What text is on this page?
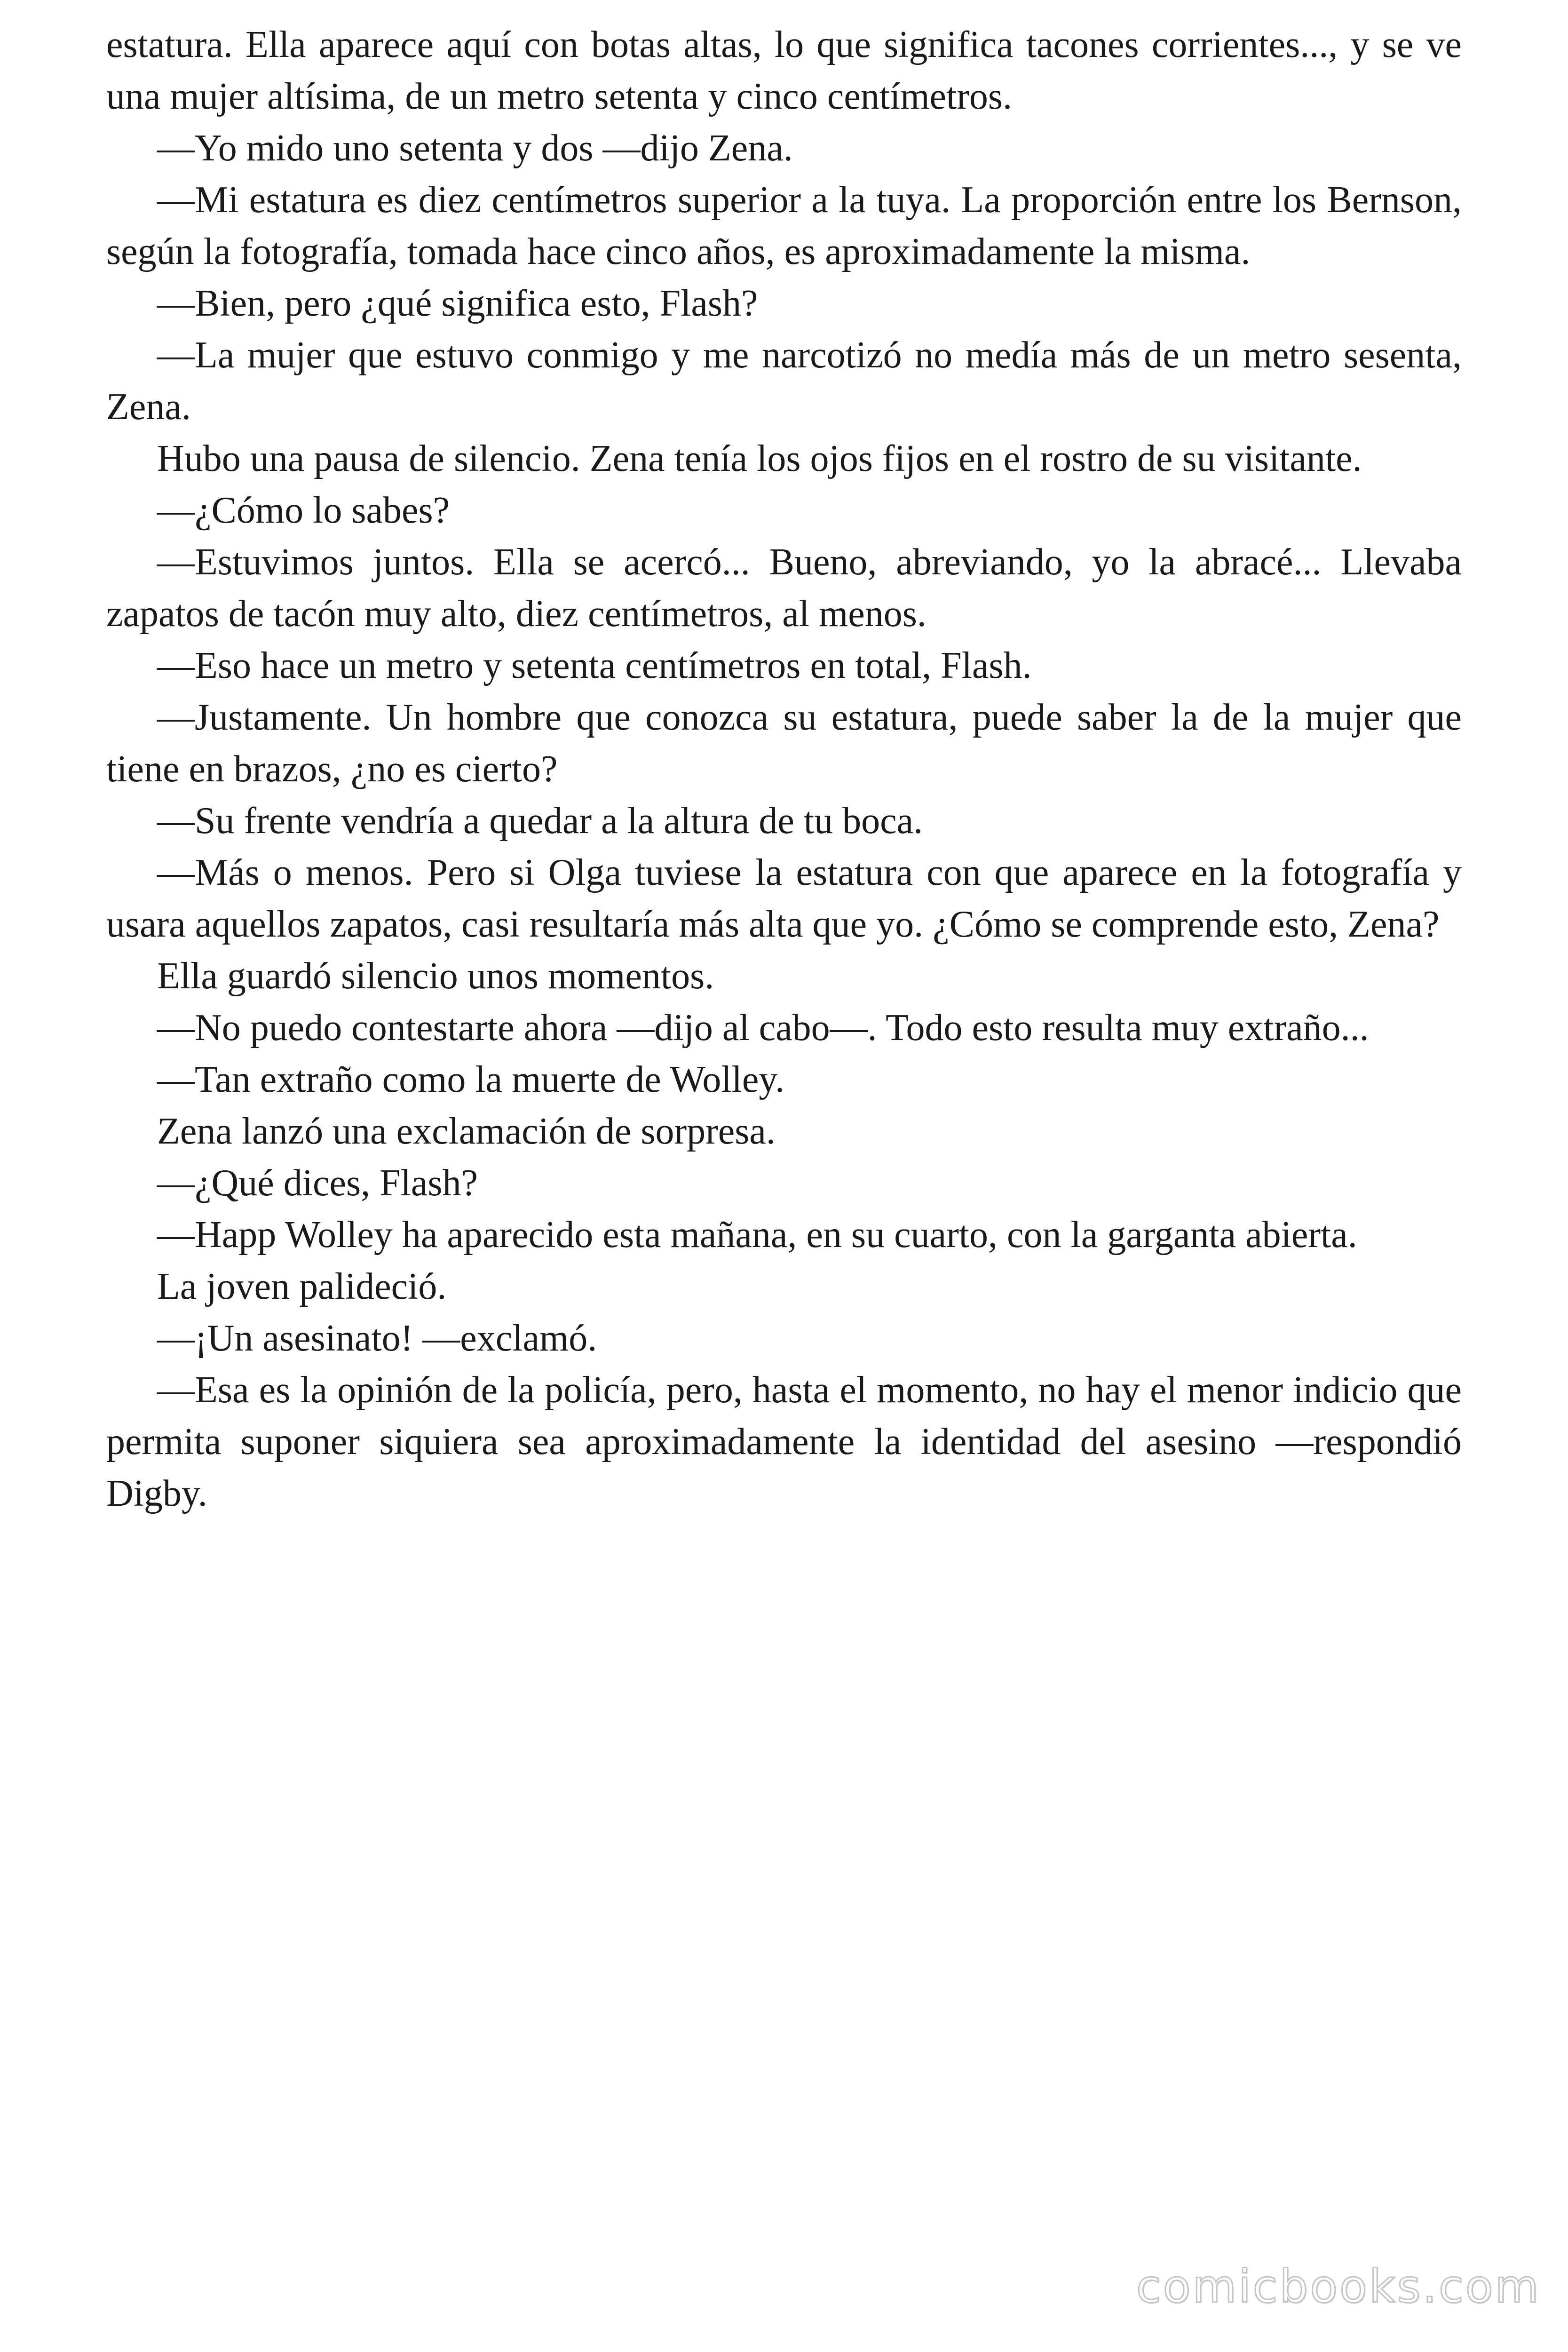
estatura. Ella aparece aquí con botas altas, lo que significa tacones corrientes..., y se ve una mujer altísima, de un metro setenta y cinco centímetros.

—Yo mido uno setenta y dos —dijo Zena.

—Mi estatura es diez centímetros superior a la tuya. La proporción entre los Bernson, según la fotografía, tomada hace cinco años, es aproximadamente la misma.

—Bien, pero ¿qué significa esto, Flash?

—La mujer que estuvo conmigo y me narcotizó no medía más de un metro sesenta, Zena.

Hubo una pausa de silencio. Zena tenía los ojos fijos en el rostro de su visitante.

—¿Cómo lo sabes?

—Estuvimos juntos. Ella se acercó... Bueno, abreviando, yo la abracé... Llevaba zapatos de tacón muy alto, diez centímetros, al menos.

—Eso hace un metro y setenta centímetros en total, Flash.

—Justamente. Un hombre que conozca su estatura, puede saber la de la mujer que tiene en brazos, ¿no es cierto?

—Su frente vendría a quedar a la altura de tu boca.

—Más o menos. Pero si Olga tuviese la estatura con que aparece en la fotografía y usara aquellos zapatos, casi resultaría más alta que yo. ¿Cómo se comprende esto, Zena?

Ella guardó silencio unos momentos.

—No puedo contestarte ahora —dijo al cabo—. Todo esto resulta muy extraño...

—Tan extraño como la muerte de Wolley.

Zena lanzó una exclamación de sorpresa.

—¿Qué dices, Flash?

—Happ Wolley ha aparecido esta mañana, en su cuarto, con la garganta abierta.

La joven palideció.

—¡Un asesinato! —exclamó.

—Esa es la opinión de la policía, pero, hasta el momento, no hay el menor indicio que permita suponer siquiera sea aproximadamente la identidad del asesino —respondió Digby.

comicbooks.com
